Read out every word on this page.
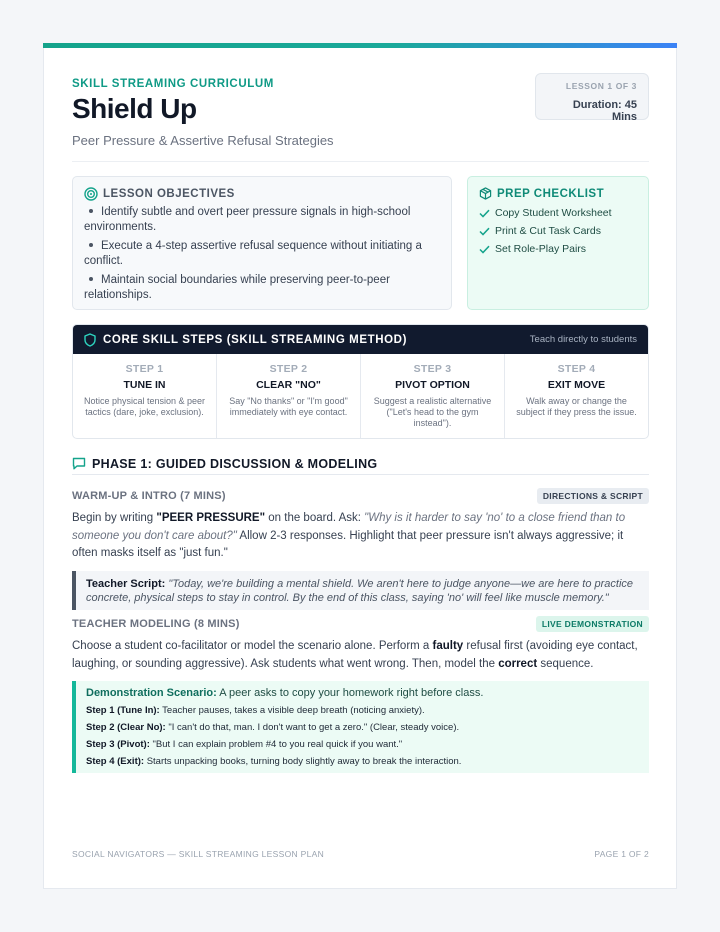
SKILL STREAMING CURRICULUM
Shield Up
Peer Pressure & Assertive Refusal Strategies
LESSON 1 OF 3
Duration: 45 Mins
LESSON OBJECTIVES
Identify subtle and overt peer pressure signals in high-school environments.
Execute a 4-step assertive refusal sequence without initiating a conflict.
Maintain social boundaries while preserving peer-to-peer relationships.
PREP CHECKLIST
Copy Student Worksheet
Print & Cut Task Cards
Set Role-Play Pairs
CORE SKILL STEPS (SKILL STREAMING METHOD)	Teach directly to students
STEP 1
TUNE IN
Notice physical tension & peer tactics (dare, joke, exclusion).
STEP 2
CLEAR "NO"
Say "No thanks" or "I'm good" immediately with eye contact.
STEP 3
PIVOT OPTION
Suggest a realistic alternative ("Let's head to the gym instead").
STEP 4
EXIT MOVE
Walk away or change the subject if they press the issue.
PHASE 1: GUIDED DISCUSSION & MODELING
WARM-UP & INTRO (7 MINS)	DIRECTIONS & SCRIPT
Begin by writing "PEER PRESSURE" on the board. Ask: "Why is it harder to say 'no' to a close friend than to someone you don't care about?" Allow 2-3 responses. Highlight that peer pressure isn't always aggressive; it often masks itself as "just fun."
Teacher Script: "Today, we're building a mental shield. We aren't here to judge anyone—we are here to practice concrete, physical steps to stay in control. By the end of this class, saying 'no' will feel like muscle memory."
TEACHER MODELING (8 MINS)	LIVE DEMONSTRATION
Choose a student co-facilitator or model the scenario alone. Perform a faulty refusal first (avoiding eye contact, laughing, or sounding aggressive). Ask students what went wrong. Then, model the correct sequence.
Demonstration Scenario: A peer asks to copy your homework right before class.
Step 1 (Tune In): Teacher pauses, takes a visible deep breath (noticing anxiety).
Step 2 (Clear No): "I can't do that, man. I don't want to get a zero." (Clear, steady voice).
Step 3 (Pivot): "But I can explain problem #4 to you real quick if you want."
Step 4 (Exit): Starts unpacking books, turning body slightly away to break the interaction.
SOCIAL NAVIGATORS — SKILL STREAMING LESSON PLAN	PAGE 1 OF 2
